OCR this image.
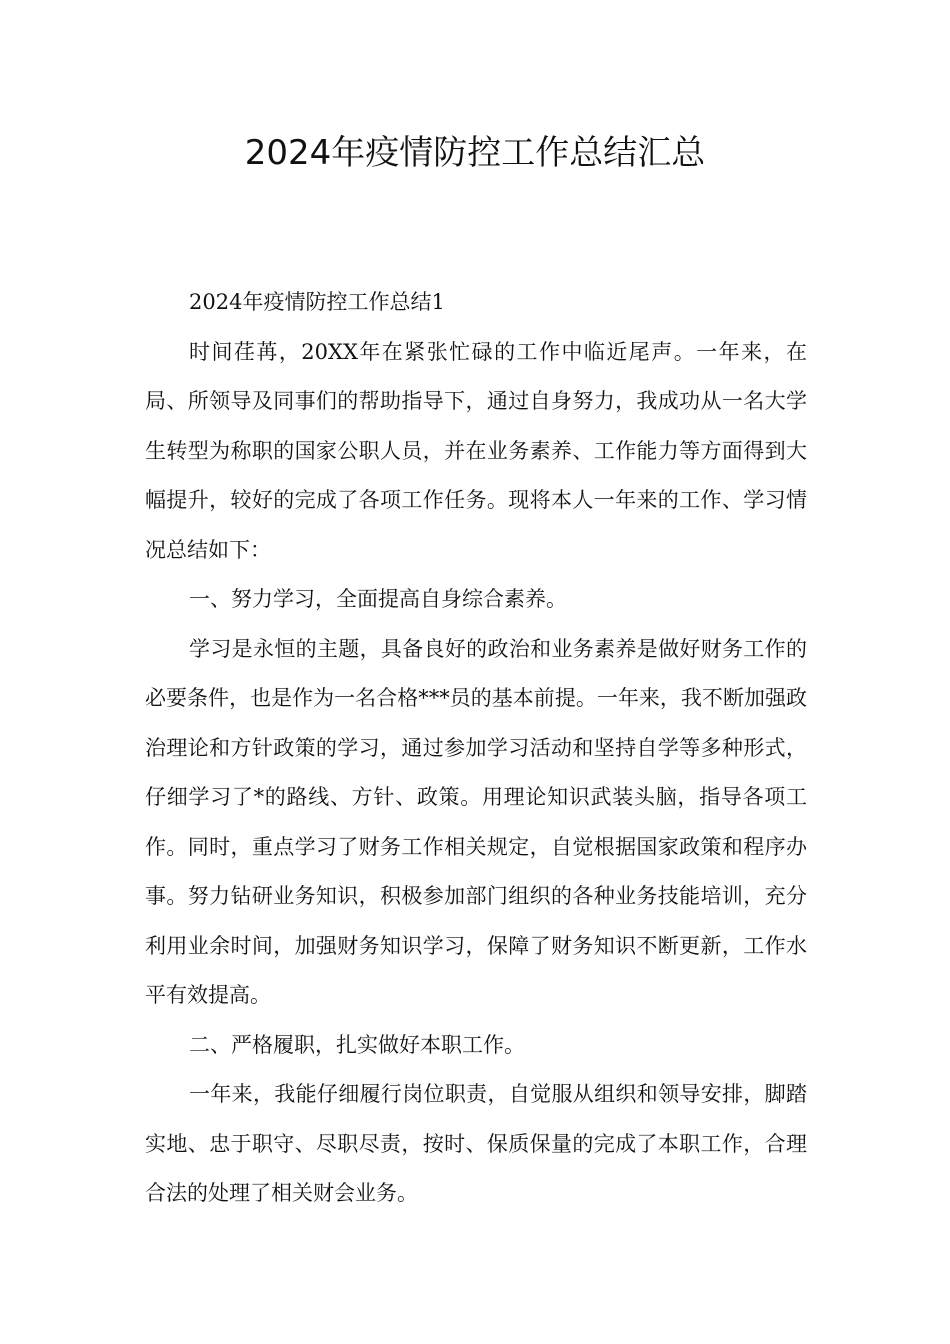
2024年疫情防控工作总结汇总

2024年疫情防控工作总结1

时间荏苒，20XX年在紧张忙碌的工作中临近尾声。一年来，在局、所领导及同事们的帮助指导下，通过自身努力，我成功从一名大学生转型为称职的国家公职人员，并在业务素养、工作能力等方面得到大幅提升，较好的完成了各项工作任务。现将本人一年来的工作、学习情况总结如下：

一、努力学习，全面提高自身综合素养。

学习是永恒的主题，具备良好的政治和业务素养是做好财务工作的必要条件，也是作为一名合格***员的基本前提。一年来，我不断加强政治理论和方针政策的学习，通过参加学习活动和坚持自学等多种形式，仔细学习了*的路线、方针、政策。用理论知识武装头脑，指导各项工作。同时，重点学习了财务工作相关规定，自觉根据国家政策和程序办事。努力钻研业务知识，积极参加部门组织的各种业务技能培训，充分利用业余时间，加强财务知识学习，保障了财务知识不断更新，工作水平有效提高。

二、严格履职，扎实做好本职工作。

一年来，我能仔细履行岗位职责，自觉服从组织和领导安排，脚踏实地、忠于职守、尽职尽责，按时、保质保量的完成了本职工作，合理合法的处理了相关财会业务。
